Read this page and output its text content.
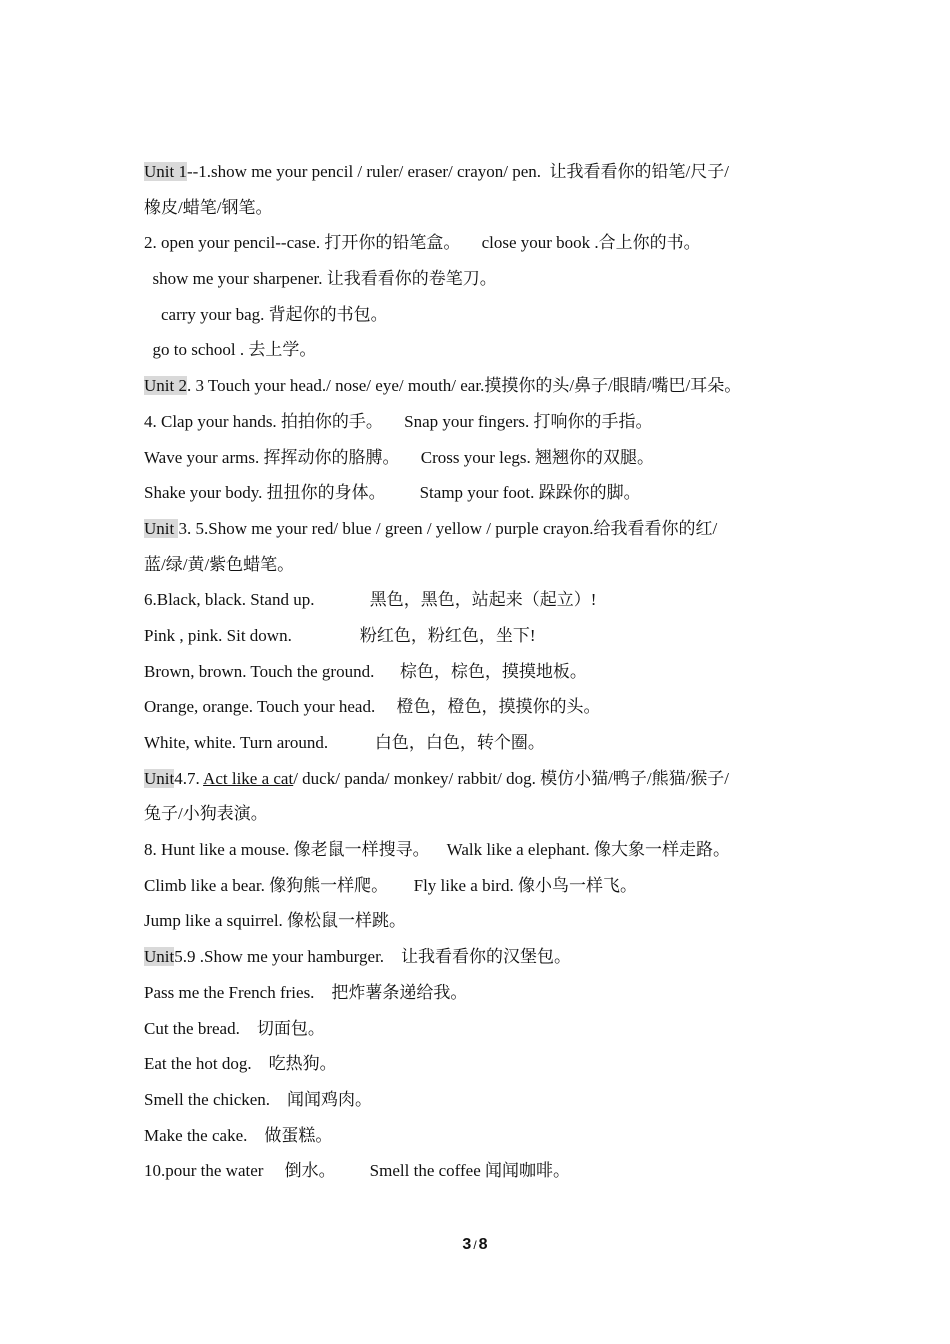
Unit 1--1.show me your pencil / ruler/ eraser/ crayon/ pen.  让我看看你的铅笔/尺子/
橡皮/蜡笔/钢笔。
2. open your pencil--case. 打开你的铅笔盒。     close your book .合上你的书。
show me your sharpener. 让我看看你的卷笔刀。
carry your bag. 背起你的书包。
go to school . 去上学。
Unit 2. 3 Touch your head./ nose/ eye/ mouth/ ear.摸摸你的头/鼻子/眼睛/嘴巴/耳朵。
4. Clap your hands. 拍拍你的手。     Snap your fingers. 打响你的手指。
Wave your arms. 挥挥动你的胳膊。     Cross your legs. 翘翘你的双腿。
Shake your body. 扭扭你的身体。        Stamp your foot. 跺跺你的脚。
Unit 3. 5.Show me your red/ blue / green / yellow / purple crayon.给我看看你的红/
蓝/绿/黄/紫色蜡笔。
6.Black, black. Stand up.             黑色，黑色，站起来（起立）!
Pink , pink. Sit down.                粉红色，粉红色，坐下!
Brown, brown. Touch the ground.      棕色，棕色，摸摸地板。
Orange, orange. Touch your head.     橙色，橙色，摸摸你的头。
White, white. Turn around.           白色，白色，转个圈。
Unit4.7. Act like a cat/ duck/ panda/ monkey/ rabbit/ dog. 模仿小猫/鸭子/熊猫/猴子/
兔子/小狗表演。
8. Hunt like a mouse. 像老鼠一样搜寻。    Walk like a elephant. 像大象一样走路。
Climb like a bear. 像狗熊一样爬。      Fly like a bird. 像小鸟一样飞。
Jump like a squirrel. 像松鼠一样跳。
Unit5.9 .Show me your hamburger.    让我看看你的汉堡包。
Pass me the French fries.    把炸薯条递给我。
Cut the bread.    切面包。
Eat the hot dog.    吃热狗。
Smell the chicken.    闻闻鸡肉。
Make the cake.    做蛋糕。
10.pour the water     倒水。        Smell the coffee 闻闻咖啡。
3 / 8
